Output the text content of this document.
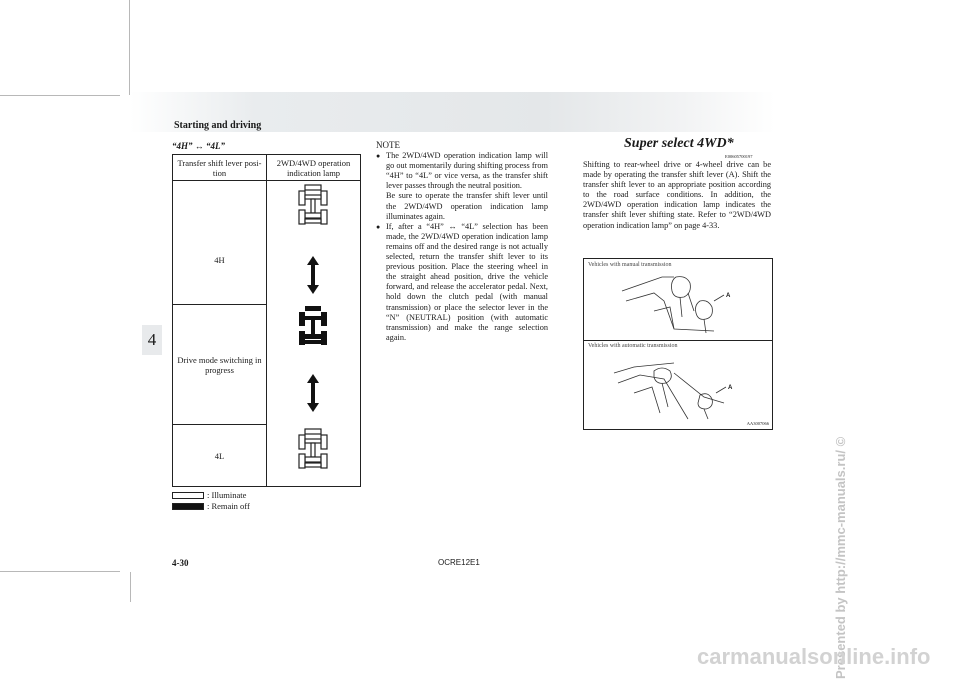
Starting and driving
4
“4H” ↔ “4L”
Transfer shift lever posi-tion	2WD/4WD operation indication lamp
4H	
Drive mode switching in progress	
4L	
: Illuminate
: Remain off
NOTE
● The 2WD/4WD operation indication lamp will go out momentarily during shifting process from “4H” to “4L” or vice versa, as the transfer shift lever passes through the neutral position.

Be sure to operate the transfer shift lever until the 2WD/4WD operation indication lamp illuminates again.

● If, after a “4H” ↔ “4L” selection has been made, the 2WD/4WD operation indication lamp remains off and the desired range is not actually selected, return the transfer shift lever to its previous position. Place the steering wheel in the straight ahead position, drive the vehicle forward, and release the accelerator pedal. Next, hold down the clutch pedal (with manual transmission) or place the selector lever in the “N” (NEUTRAL) position (with automatic transmission) and make the range selection again.

Super select 4WD*
E00605700197
Shifting to rear-wheel drive or 4-wheel drive can be made by operating the transfer shift lever (A). Shift the transfer shift lever to an appropriate position according to the road surface conditions. In addition, the 2WD/4WD operation indication lamp indicates the transfer shift lever shifting state. Refer to “2WD/4WD operation indication lamp” on page 4-33.
Vehicles with manual transmission
A
Vehicles with automatic transmission
A
AA3007066
4-30	OCRE12E1	Presented by http://mmc-manuals.ru/ ©
carmanualsonline.info
